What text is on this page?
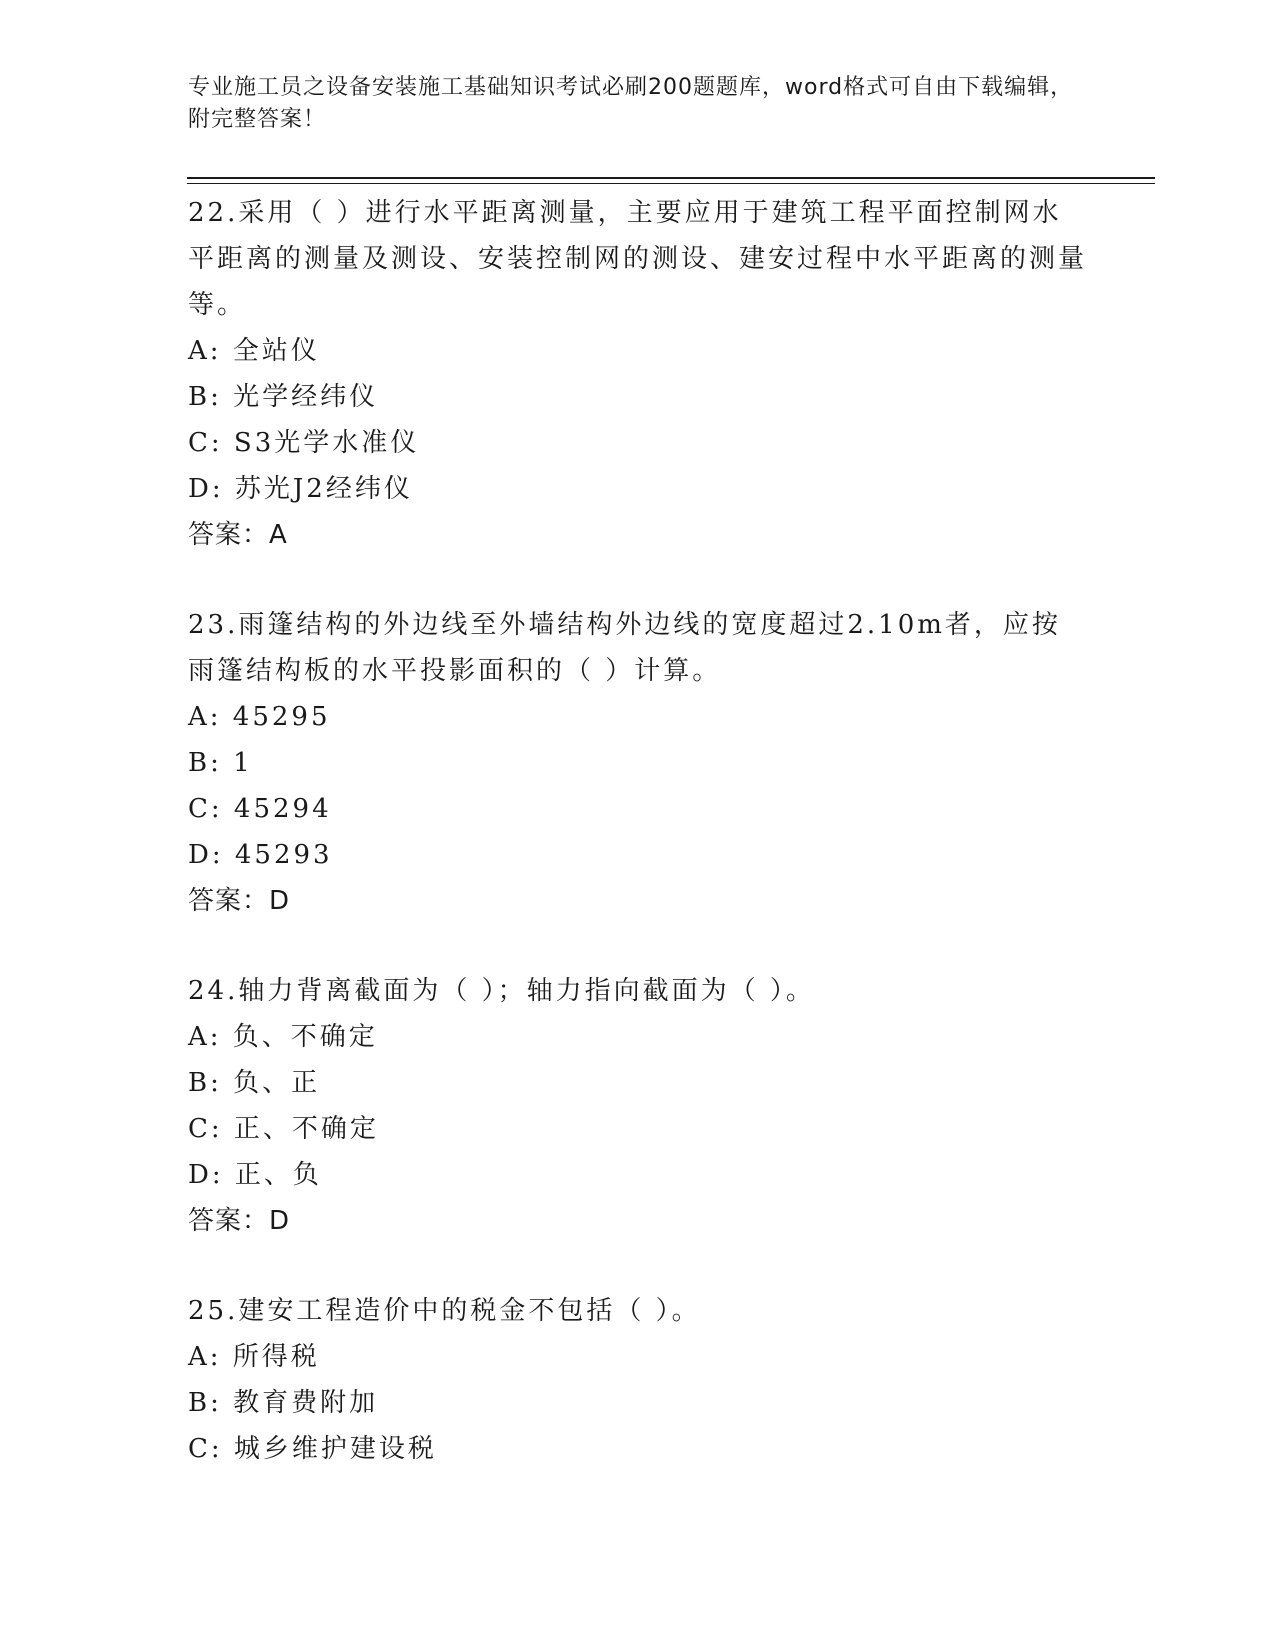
专业施工员之设备安装施工基础知识考试必刷200题题库，word格式可自由下载编辑，附完整答案！
22.采用（ ）进行水平距离测量，主要应用于建筑工程平面控制网水平距离的测量及测设、安装控制网的测设、建安过程中水平距离的测量等。
A: 全站仪
B: 光学经纬仪
C: S3光学水准仪
D: 苏光J2经纬仪
答案：A
23.雨篷结构的外边线至外墙结构外边线的宽度超过2.10m者，应按雨篷结构板的水平投影面积的（ ）计算。
A: 45295
B: 1
C: 45294
D: 45293
答案：D
24.轴力背离截面为（ ）；轴力指向截面为（ ）。
A: 负、不确定
B: 负、正
C: 正、不确定
D: 正、负
答案：D
25.建安工程造价中的税金不包括（ ）。
A: 所得税
B: 教育费附加
C: 城乡维护建设税
